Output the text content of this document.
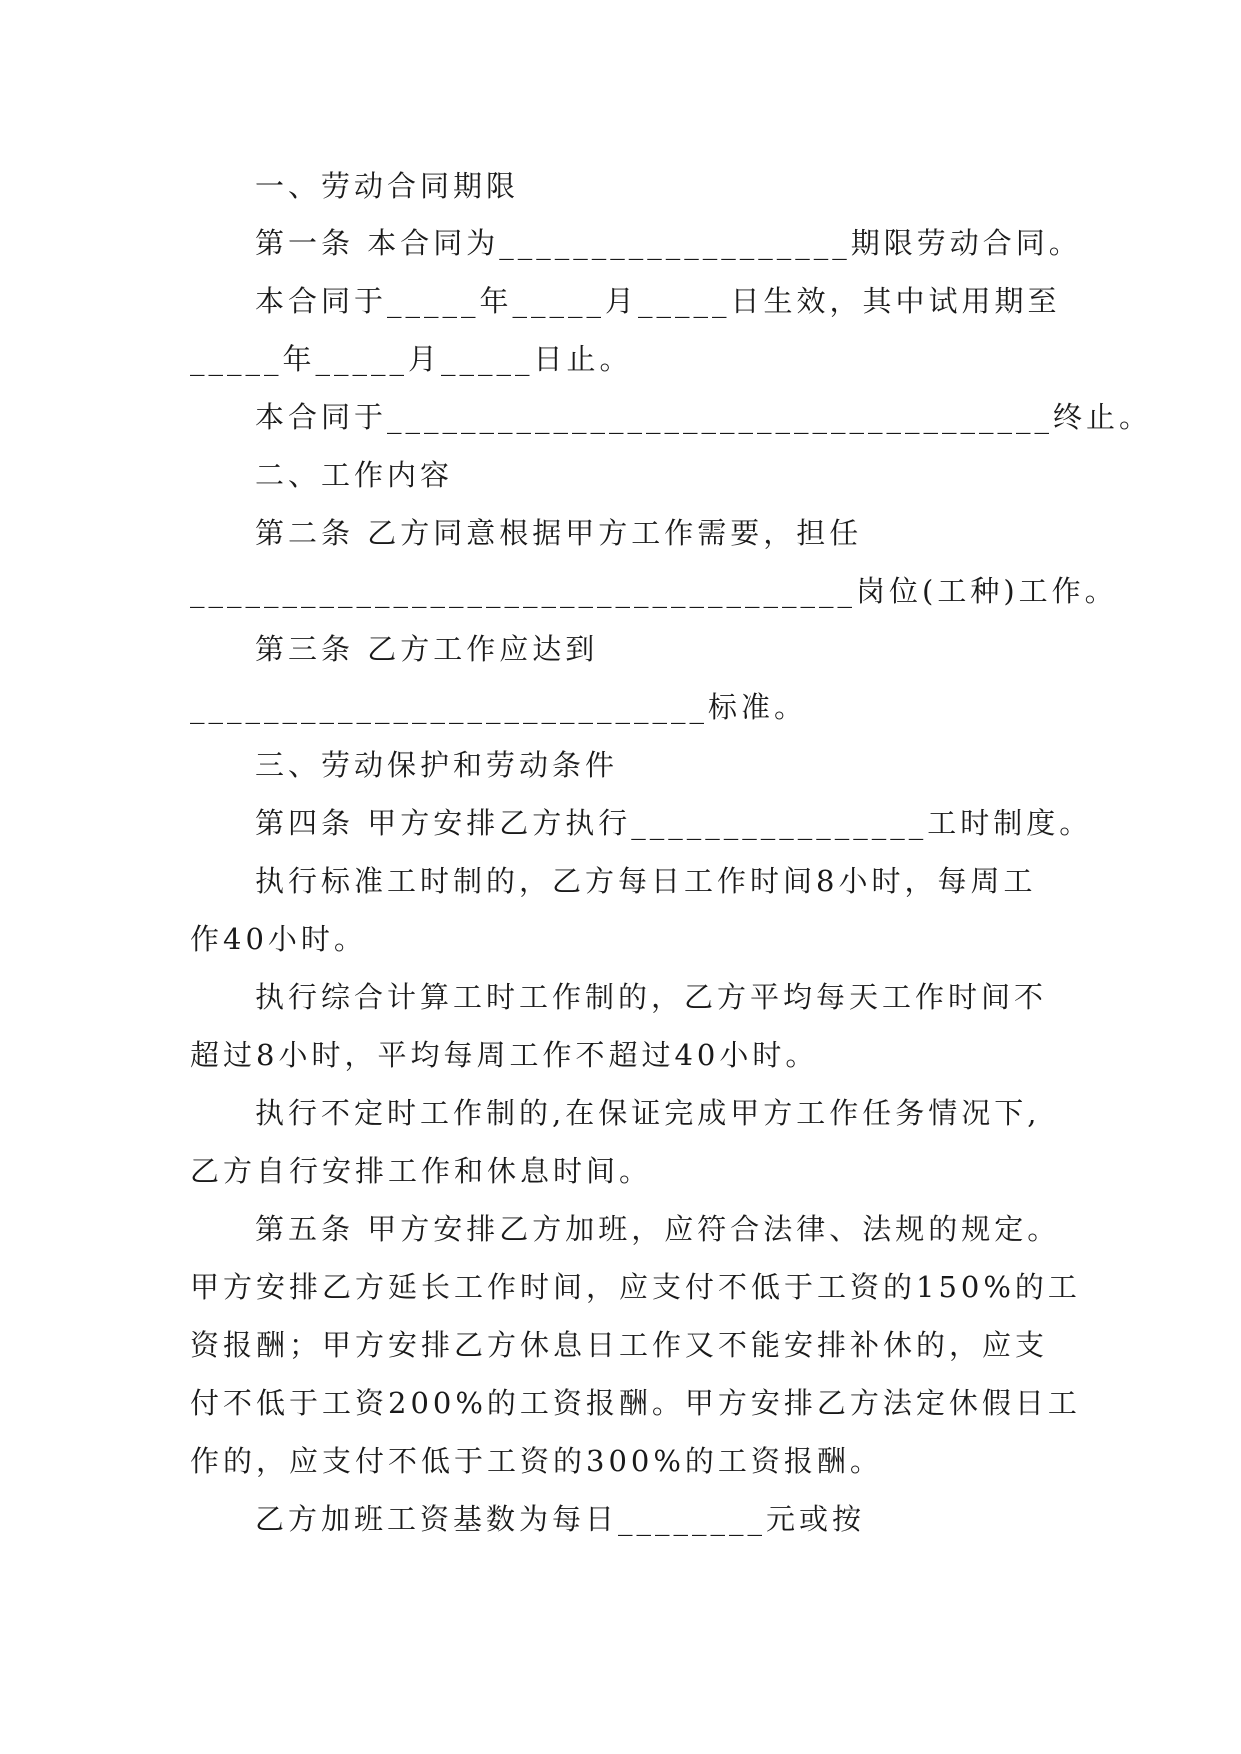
一、劳动合同期限
第一条 本合同为___________________期限劳动合同。
本合同于_____年_____月_____日生效，其中试用期至
_____年_____月_____日止。
本合同于____________________________________终止。
二、工作内容
第二条 乙方同意根据甲方工作需要，担任
____________________________________岗位(工种)工作。
第三条 乙方工作应达到
____________________________标准。
三、劳动保护和劳动条件
第四条 甲方安排乙方执行________________工时制度。
执行标准工时制的，乙方每日工作时间8小时，每周工
作40小时。
执行综合计算工时工作制的，乙方平均每天工作时间不
超过8小时，平均每周工作不超过40小时。
执行不定时工作制的,在保证完成甲方工作任务情况下,
乙方自行安排工作和休息时间。
第五条 甲方安排乙方加班，应符合法律、法规的规定。
甲方安排乙方延长工作时间，应支付不低于工资的150%的工
资报酬；甲方安排乙方休息日工作又不能安排补休的，应支
付不低于工资200%的工资报酬。甲方安排乙方法定休假日工
作的，应支付不低于工资的300%的工资报酬。
乙方加班工资基数为每日________元或按
